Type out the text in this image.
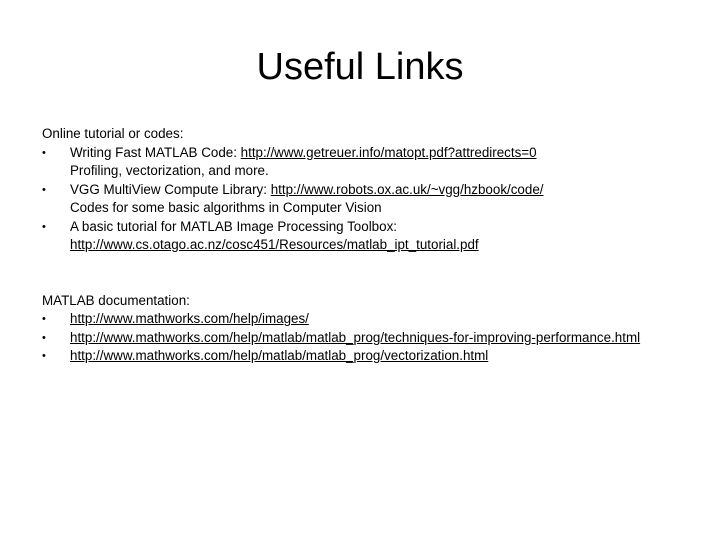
Useful Links
Online tutorial or codes:
•	Writing Fast MATLAB Code: http://www.getreuer.info/matopt.pdf?attredirects=0
Profiling, vectorization, and more.
•	VGG MultiView Compute Library: http://www.robots.ox.ac.uk/~vgg/hzbook/code/
Codes for some basic algorithms in Computer Vision
•	A basic tutorial for MATLAB Image Processing Toolbox:
http://www.cs.otago.ac.nz/cosc451/Resources/matlab_ipt_tutorial.pdf
MATLAB documentation:
•	http://www.mathworks.com/help/images/
•	http://www.mathworks.com/help/matlab/matlab_prog/techniques-for-improving-performance.html
•	http://www.mathworks.com/help/matlab/matlab_prog/vectorization.html
